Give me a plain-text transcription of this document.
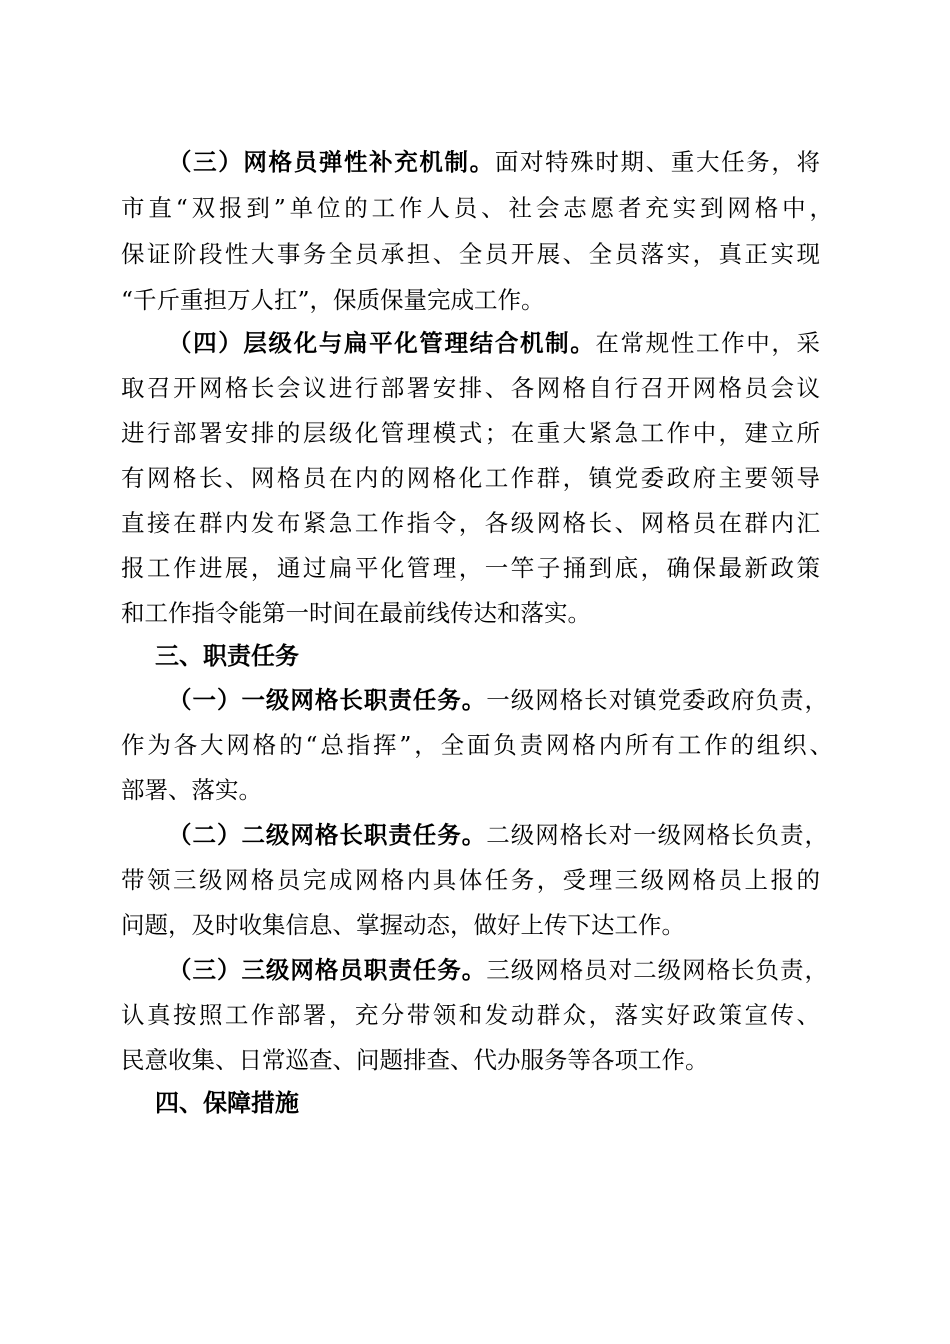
（三）网格员弹性补充机制。面对特殊时期、重大任务，将
市直“双报到”单位的工作人员、社会志愿者充实到网格中，
保证阶段性大事务全员承担、全员开展、全员落实，真正实现
“千斤重担万人扛”，保质保量完成工作。
（四）层级化与扁平化管理结合机制。在常规性工作中，采
取召开网格长会议进行部署安排、各网格自行召开网格员会议
进行部署安排的层级化管理模式；在重大紧急工作中，建立所
有网格长、网格员在内的网格化工作群，镇党委政府主要领导
直接在群内发布紧急工作指令，各级网格长、网格员在群内汇
报工作进展，通过扁平化管理，一竿子捅到底，确保最新政策
和工作指令能第一时间在最前线传达和落实。
三、职责任务
（一）一级网格长职责任务。一级网格长对镇党委政府负责，
作为各大网格的“总指挥”，全面负责网格内所有工作的组织、
部署、落实。
（二）二级网格长职责任务。二级网格长对一级网格长负责，
带领三级网格员完成网格内具体任务，受理三级网格员上报的
问题，及时收集信息、掌握动态，做好上传下达工作。
（三）三级网格员职责任务。三级网格员对二级网格长负责，
认真按照工作部署，充分带领和发动群众，落实好政策宣传、
民意收集、日常巡查、问题排查、代办服务等各项工作。
四、保障措施
